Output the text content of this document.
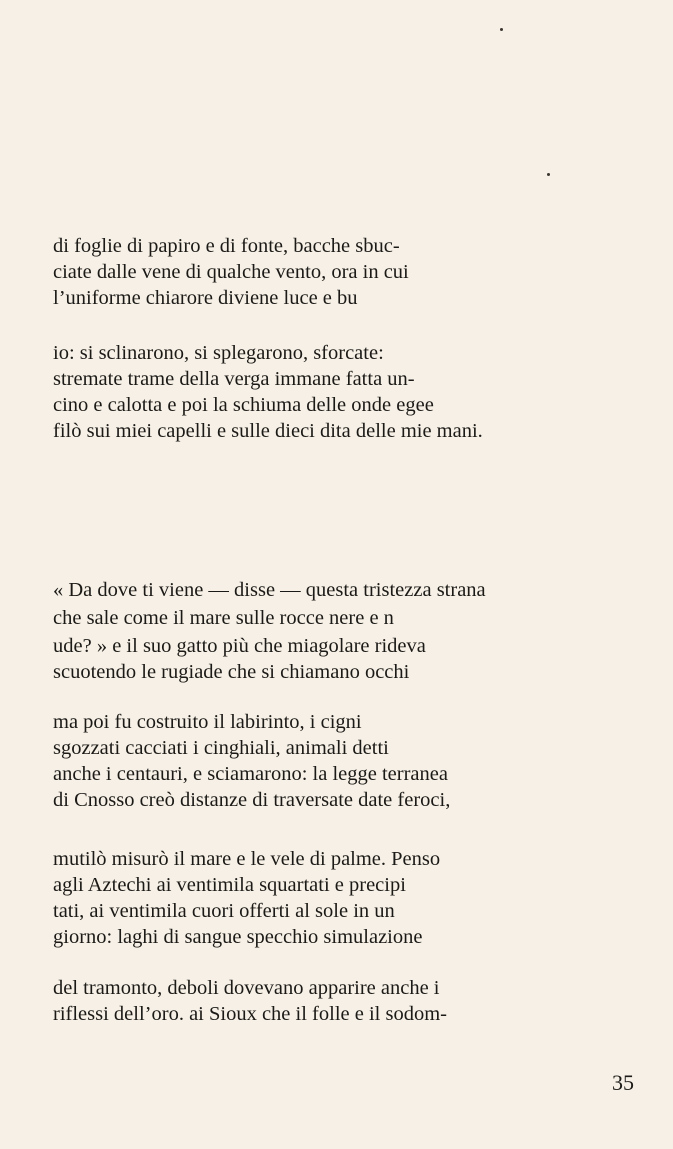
di foglie di papiro e di fonte, bacche sbuc-
ciate dalle vene di qualche vento, ora in cui
l’uniforme chiarore diviene luce e bu
io: si sclinarono, si splegarono, sforcate:
stremate trame della verga immane fatta un-
cino e calotta e poi la schiuma delle onde egee
filò sui miei capelli e sulle dieci dita delle mie mani.
« Da dove ti viene — disse — questa tristezza strana
che sale come il mare sulle rocce nere e n
ude? » e il suo gatto più che miagolare rideva
scuotendo le rugiade che si chiamano occhi
ma poi fu costruito il labirinto, i cigni
sgozzati cacciati i cinghiali, animali detti
anche i centauri, e sciamarono: la legge terranea
di Cnosso creò distanze di traversate date feroci,
mutilò misurò il mare e le vele di palme. Penso
agli Aztechi ai ventimila squartati e precipi
tati, ai ventimila cuori offerti al sole in un
giorno: laghi di sangue specchio simulazione
del tramonto, deboli dovevano apparire anche i
riflessi dell’oro. ai Sioux che il folle e il sodom-
35
